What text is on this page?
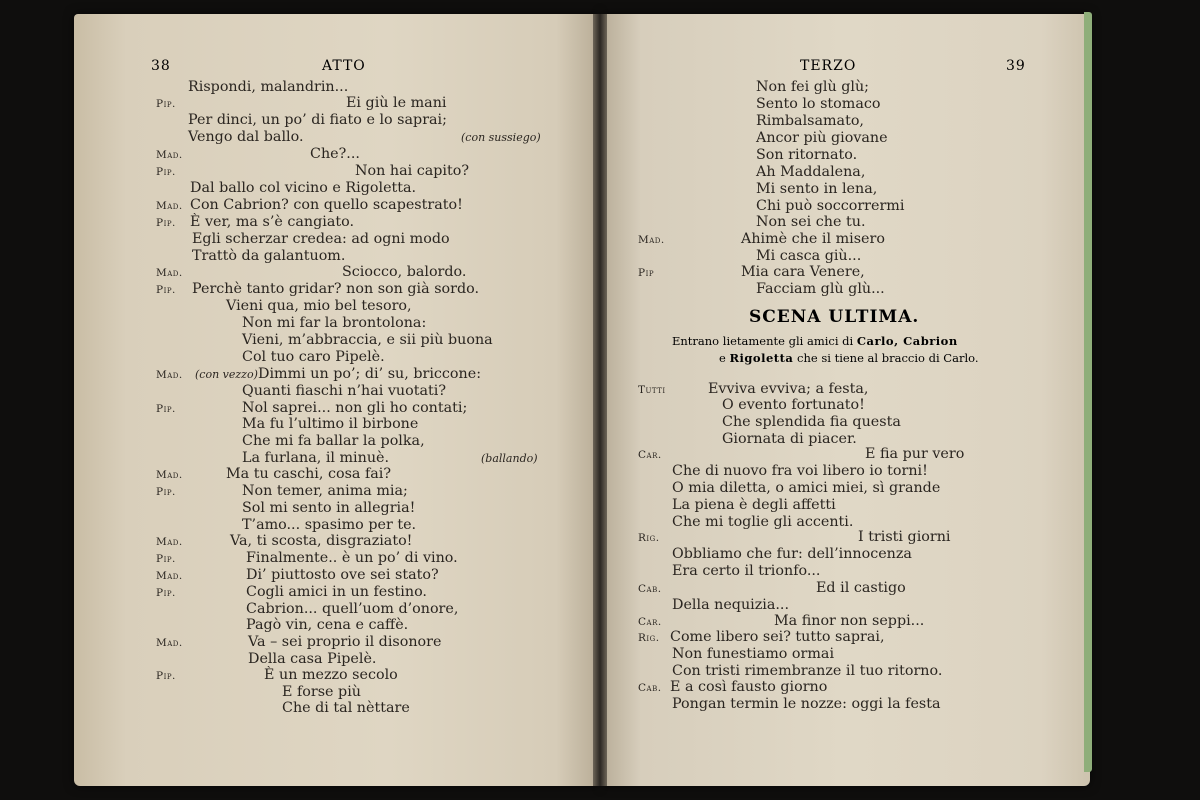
38	ATTO	TERZO	39
Rispondi, malandrin...
Pip.	Ei giù le mani
Per dinci, un po’ di fiato e lo saprai;
(con sussiego)
Vengo dal ballo.
Mad.	Che?...
Pip.	Non hai capito?
Dal ballo col vicino e Rigoletta.
Mad. Con Cabrion? con quello scapestrato!
Pip. È ver, ma s’è cangiato.
Egli scherzar credea: ad ogni modo
Trattò da galantuom.
Mad.	Sciocco, balordo.
Pip. Perchè tanto gridar? non son già sordo.
Vieni qua, mio bel tesoro,
Non mi far la brontolona:
Vieni, m’abbraccia, e sii più buona
Col tuo caro Pipelè.
Mad. (con vezzo) Dimmi un po’; di’ su, briccone:
Quanti fiaschi n’hai vuotati?
Pip.	Nol saprei... non gli ho contati;
Ma fu l’ultimo il birbone
Che mi fa ballar la polka,
(ballando)
La furlana, il minuè.
Mad.	Ma tu caschi, cosa fai?
Pip.	Non temer, anima mia;
Sol mi sento in allegria!
T’amo... spasimo per te.
Mad.	Va, ti scosta, disgraziato!
Pip.	Finalmente.. è un po’ di vino.
Mad.	Di’ piuttosto ove sei stato?
Pip.	Cogli amici in un festino.
Cabrion... quell’uom d’onore,
Pagò vin, cena e caffè.
Mad.	Va – sei proprio il disonore
Della casa Pipelè.
Pip.	È un mezzo secolo
E forse più
Che di tal nèttare
Non fei glù glù;
Sento lo stomaco
Rimbalsamato,
Ancor più giovane
Son ritornato.
Ah Maddalena,
Mi sento in lena,
Chi può soccorrermi
Non sei che tu.
Mad.	Ahimè che il misero
Mi casca giù...
Pip	Mia cara Venere,
Facciam glù glù...
Tutti	Evviva evviva; a festa,
O evento fortunato!
Che splendida fia questa
Giornata di piacer.
Car.	E fia pur vero
Che di nuovo fra voi libero io torni!
O mia diletta, o amici miei, sì grande
La piena è degli affetti
Che mi toglie gli accenti.
Rig.	I tristi giorni
Obbliamo che fur: dell’innocenza
Era certo il trionfo...
Cab.	Ed il castigo
Della nequizia...
Car.	Ma finor non seppi...
Rig. Come libero sei? tutto saprai,
Non funestiamo ormai
Con tristi rimembranze il tuo ritorno.
Cab. E a così fausto giorno
Pongan termin le nozze: oggi la festa
SCENA ULTIMA.
Entrano lietamente gli amici di Carlo, Cabrion
e Rigoletta che si tiene al braccio di Carlo.
